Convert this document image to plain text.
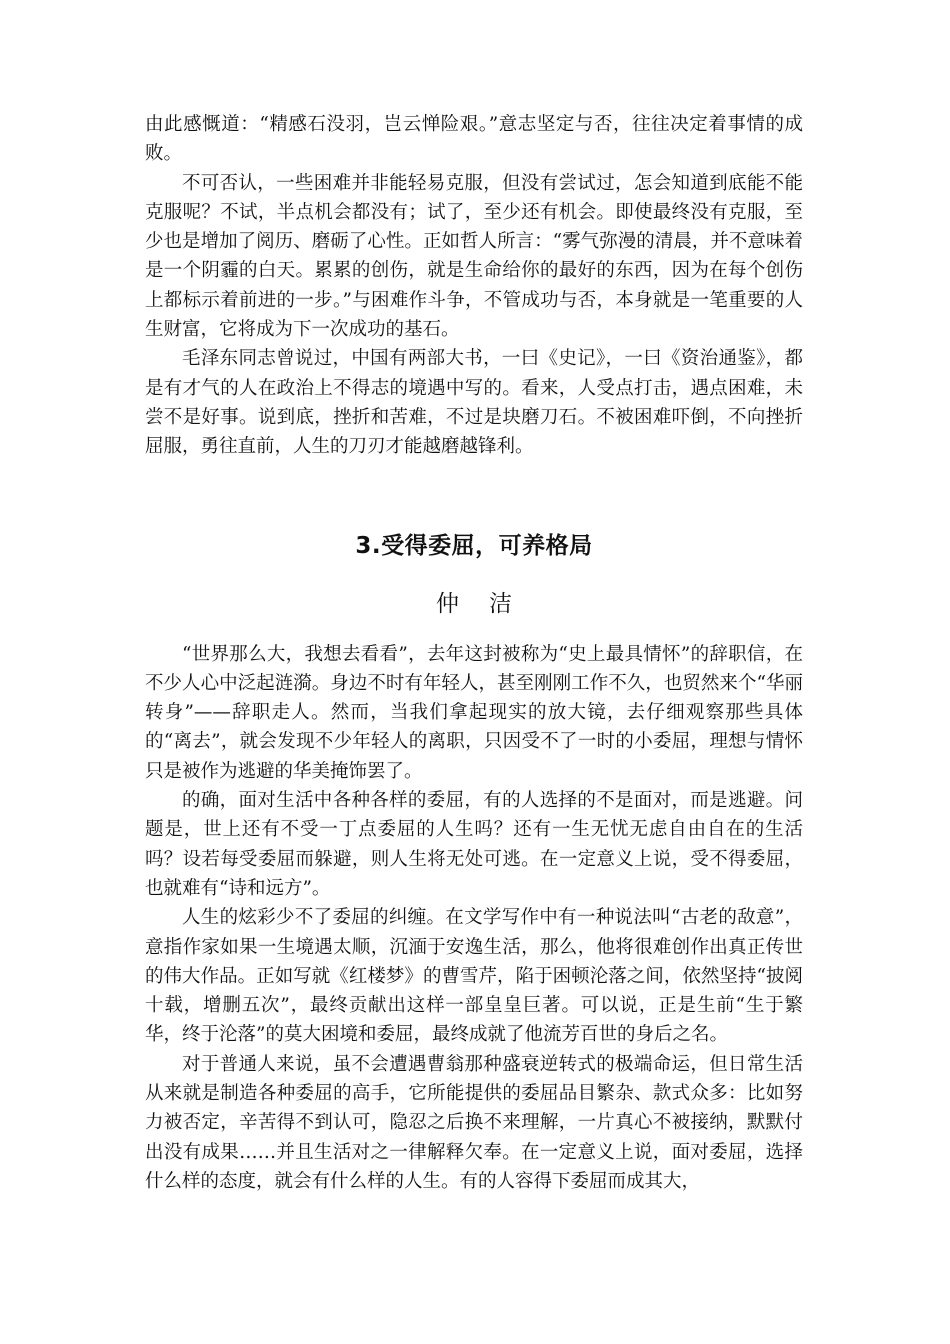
由此感慨道：“精感石没羽，岂云惮险艰。”意志坚定与否，往往决定着事情的成败。

不可否认，一些困难并非能轻易克服，但没有尝试过，怎会知道到底能不能克服呢？不试，半点机会都没有；试了，至少还有机会。即使最终没有克服，至少也是增加了阅历、磨砺了心性。正如哲人所言：“雾气弥漫的清晨，并不意味着是一个阴霾的白天。累累的创伤，就是生命给你的最好的东西，因为在每个创伤上都标示着前进的一步。”与困难作斗争，不管成功与否，本身就是一笔重要的人生财富，它将成为下一次成功的基石。

毛泽东同志曾说过，中国有两部大书，一曰《史记》，一曰《资治通鉴》，都是有才气的人在政治上不得志的境遇中写的。看来，人受点打击，遇点困难，未尝不是好事。说到底，挫折和苦难，不过是块磨刀石。不被困难吓倒，不向挫折屈服，勇往直前，人生的刀刃才能越磨越锋利。

3.受得委屈，可养格局
仲洁

“世界那么大，我想去看看”，去年这封被称为“史上最具情怀”的辞职信，在不少人心中泛起涟漪。身边不时有年轻人，甚至刚刚工作不久，也贸然来个“华丽转身”——辞职走人。然而，当我们拿起现实的放大镜，去仔细观察那些具体的“离去”，就会发现不少年轻人的离职，只因受不了一时的小委屈，理想与情怀只是被作为逃避的华美掩饰罢了。

的确，面对生活中各种各样的委屈，有的人选择的不是面对，而是逃避。问题是，世上还有不受一丁点委屈的人生吗？还有一生无忧无虑自由自在的生活吗？设若每受委屈而躲避，则人生将无处可逃。在一定意义上说，受不得委屈，也就难有“诗和远方”。

人生的炫彩少不了委屈的纠缠。在文学写作中有一种说法叫“古老的敌意”，意指作家如果一生境遇太顺，沉湎于安逸生活，那么，他将很难创作出真正传世的伟大作品。正如写就《红楼梦》的曹雪芹，陷于困顿沦落之间，依然坚持“披阅十载，增删五次”，最终贡献出这样一部皇皇巨著。可以说，正是生前“生于繁华，终于沦落”的莫大困境和委屈，最终成就了他流芳百世的身后之名。

对于普通人来说，虽不会遭遇曹翁那种盛衰逆转式的极端命运，但日常生活从来就是制造各种委屈的高手，它所能提供的委屈品目繁杂、款式众多：比如努力被否定，辛苦得不到认可，隐忍之后换不来理解，一片真心不被接纳，默默付出没有成果……并且生活对之一律解释欠奉。在一定意义上说，面对委屈，选择什么样的态度，就会有什么样的人生。有的人容得下委屈而成其大，
